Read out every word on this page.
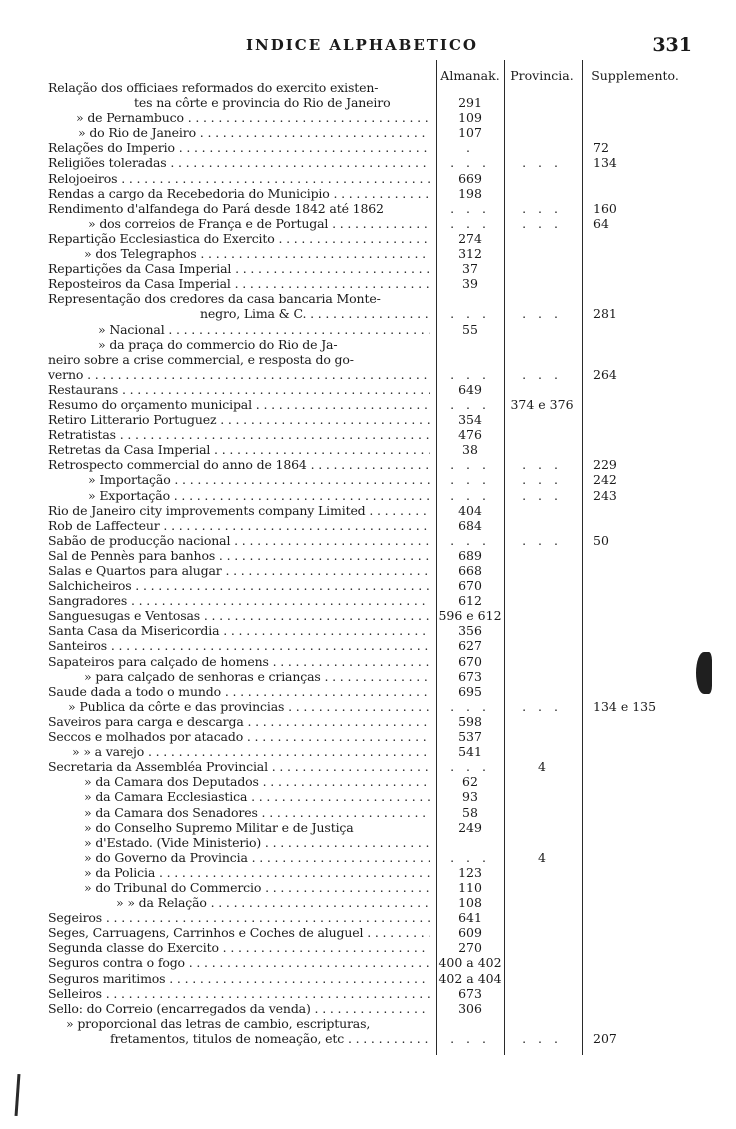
INDICE ALPHABETICO	331
Almanak. Provincia.	Supplemento.
Relação dos officiaes reformados do exercito existen-
tes na côrte e provincia do Rio de Janeiro	291
» de Pernambuco . . .	109
» do Rio de Janeiro . . .	107
Relações do Imperio . . .	.	72
Religiões toleradas . . .	. . .	. . .	134
Relojoeiros . . .	669
Rendas a cargo da Recebedoria do Municipio . . .	198
Rendimento d'alfandega do Pará desde 1842 até 1862	. . .	. . .	160
» dos correios de França e de Portugal . . .	. . .	. . .	64
Repartição Ecclesiastica do Exercito . . .	274
» dos Telegraphos . . .	312
Repartições da Casa Imperial . . .	37
Reposteiros da Casa Imperial . . .	39
Representação dos credores da casa bancaria Monte-
negro, Lima & C. . . .	. . .	. . .	281
» Nacional . . .	55
» da praça do commercio do Rio de Ja-
neiro sobre a crise commercial, e resposta do go-
verno . . .	. . .	. . .	264
Restaurans . . .	649
Resumo do orçamento municipal . . .	. . .	374 e 376
Retiro Litterario Portuguez . . .	354
Retratistas . . .	476
Retretas da Casa Imperial . . .	38
Retrospecto commercial do anno de 1864 . . .	. . .	. . .	229
» Importação . . .	. . .	. . .	242
» Exportação . . .	. . .	. . .	243
Rio de Janeiro city improvements company Limited . . .	404
Rob de Laffecteur . . .	684
Sabão de producção nacional . . .	. . .	. . .	50
Sal de Pennès para banhos . . .	689
Salas e Quartos para alugar . . .	668
Salchicheiros . . .	670
Sangradores . . .	612
Sanguesugas e Ventosas . . .	596 e 612
Santa Casa da Misericordia . . .	356
Santeiros . . .	627
Sapateiros para calçado de homens . . .	670
» para calçado de senhoras e crianças . . .	673
Saude dada a todo o mundo . . .	695
» Publica da côrte e das provincias . . .	. . .	. . .	134 e 135
Saveiros para carga e descarga . . .	598
Seccos e molhados por atacado . . .	537
» » a varejo . . .	541
Secretaria da Assembléa Provincial . . .	. . .	4
» da Camara dos Deputados . . .	62
» da Camara Ecclesiastica . . .	93
» da Camara dos Senadores . . .	58
» do Conselho Supremo Militar e de Justiça	249
» d'Estado. (Vide Ministerio) . . .
» do Governo da Provincia . . .	. . .	4
» da Policia . . .	123
» do Tribunal do Commercio . . .	110
» » da Relação . . .	108
Segeiros . . .	641
Seges, Carruagens, Carrinhos e Coches de aluguel . . .	609
Segunda classe do Exercito . . .	270
Seguros contra o fogo . . .	400 a 402
Seguros maritimos . . .	402 a 404
Selleiros . . .	673
Sello: do Correio (encarregados da venda) . . .	306
» proporcional das letras de cambio, escripturas,
fretamentos, titulos de nomeação, etc . . .	. . .	. . .	207
